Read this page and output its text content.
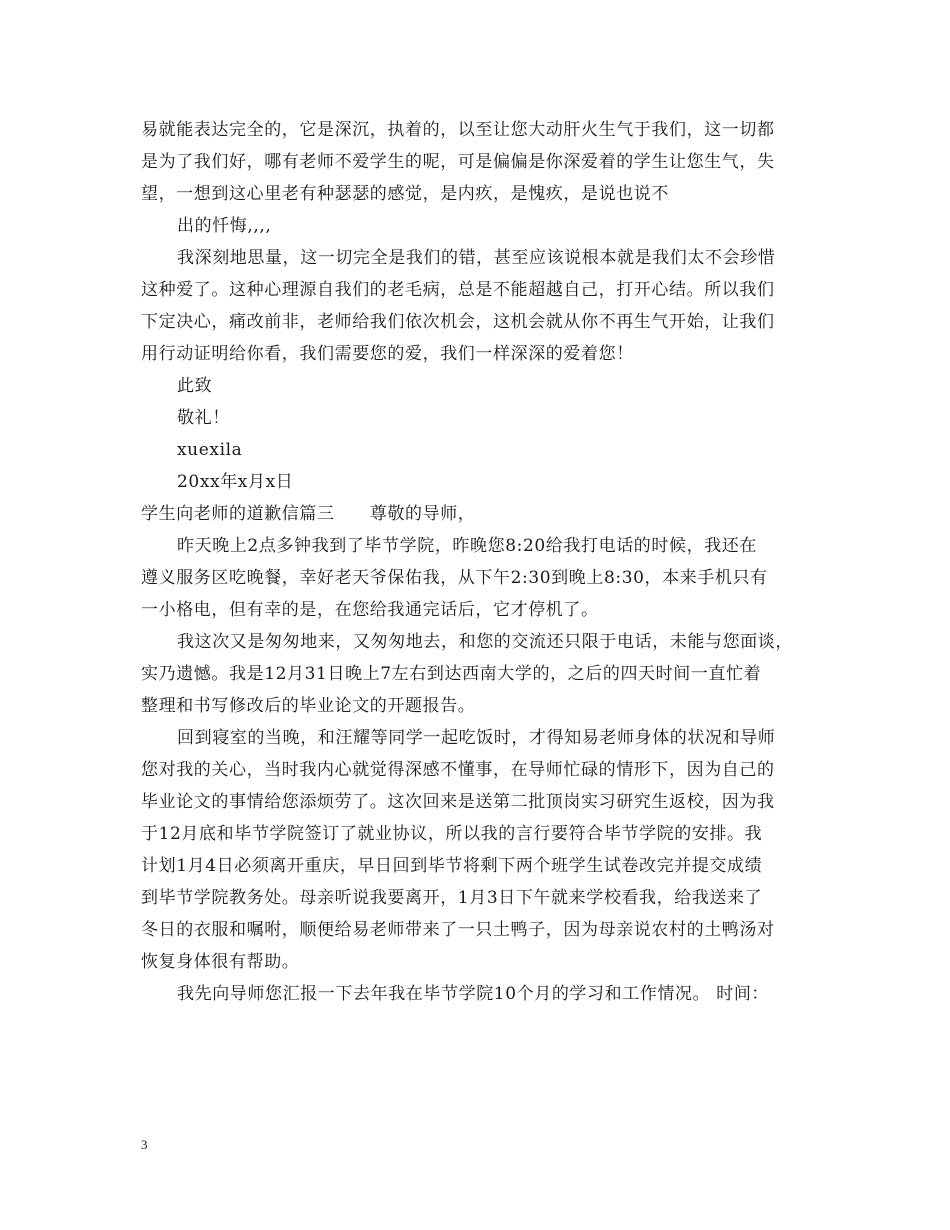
易就能表达完全的，它是深沉，执着的，以至让您大动肝火生气于我们，这一切都
是为了我们好，哪有老师不爱学生的呢，可是偏偏是你深爱着的学生让您生气，失
望，一想到这心里老有种瑟瑟的感觉，是内疚，是愧疚，是说也说不
出的忏悔,,,,
我深刻地思量，这一切完全是我们的错，甚至应该说根本就是我们太不会珍惜
这种爱了。这种心理源自我们的老毛病，总是不能超越自己，打开心结。所以我们
下定决心，痛改前非，老师给我们依次机会，这机会就从你不再生气开始，让我们
用行动证明给你看，我们需要您的爱，我们一样深深的爱着您！
此致
敬礼！
xuexila
20xx年x月x日
学生向老师的道歉信篇三　　尊敬的导师，
昨天晚上2点多钟我到了毕节学院，昨晚您8:20给我打电话的时候，我还在
遵义服务区吃晚餐，幸好老天爷保佑我，从下午2:30到晚上8:30，本来手机只有
一小格电，但有幸的是，在您给我通完话后，它才停机了。
我这次又是匆匆地来，又匆匆地去，和您的交流还只限于电话，未能与您面谈，
实乃遗憾。我是12月31日晚上7左右到达西南大学的，之后的四天时间一直忙着
整理和书写修改后的毕业论文的开题报告。
回到寝室的当晚，和汪耀等同学一起吃饭时，才得知易老师身体的状况和导师
您对我的关心，当时我内心就觉得深感不懂事，在导师忙碌的情形下，因为自己的
毕业论文的事情给您添烦劳了。这次回来是送第二批顶岗实习研究生返校，因为我
于12月底和毕节学院签订了就业协议，所以我的言行要符合毕节学院的安排。我
计划1月4日必须离开重庆，早日回到毕节将剩下两个班学生试卷改完并提交成绩
到毕节学院教务处。母亲听说我要离开，1月3日下午就来学校看我，给我送来了
冬日的衣服和嘱咐，顺便给易老师带来了一只土鸭子，因为母亲说农村的土鸭汤对
恢复身体很有帮助。
我先向导师您汇报一下去年我在毕节学院10个月的学习和工作情况。 时间：
3
